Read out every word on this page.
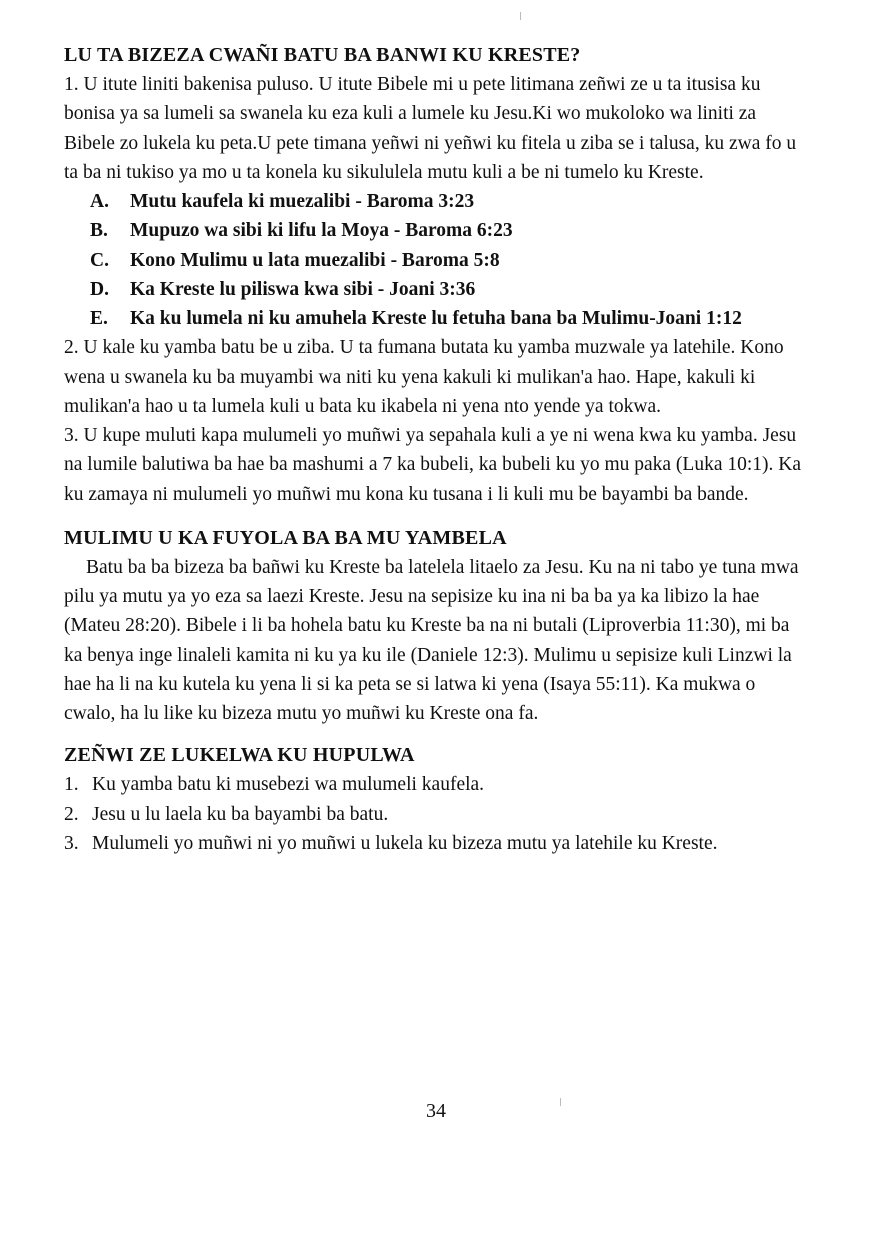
LU TA BIZEZA CWAÑI BATU BA BANWI KU KRESTE?

1. U itute liniti bakenisa puluso. U itute Bibele mi u pete litimana zeñwi ze u ta itusisa ku bonisa ya sa lumeli sa swanela ku eza kuli a lumele ku Jesu.Ki wo mukoloko wa liniti za Bibele zo lukela ku peta.U pete timana yeñwi ni yeñwi ku fitela u ziba se i talusa, ku zwa fo u ta ba ni tukiso ya mo u ta konela ku sikululela mutu kuli a be ni tumelo ku Kreste.

A.	Mutu kaufela ki muezalibi - Baroma 3:23
B.	Mupuzo wa sibi ki lifu la Moya - Baroma 6:23
C.	Kono Mulimu u lata muezalibi - Baroma 5:8
D.	Ka Kreste lu piliswa kwa sibi - Joani 3:36
E.	Ka ku lumela ni ku amuhela Kreste lu fetuha bana ba Mulimu-Joani 1:12

2. U kale ku yamba batu be u ziba. U ta fumana butata ku yamba muzwale ya latehile. Kono wena u swanela ku ba muyambi wa niti ku yena kakuli ki mulikan'a hao. Hape, kakuli ki mulikan'a hao u ta lumela kuli u bata ku ikabela ni yena nto yende ya tokwa.

3. U kupe muluti kapa mulumeli yo muñwi ya sepahala kuli a ye ni wena kwa ku yamba. Jesu na lumile balutiwa ba hae ba mashumi a 7 ka bubeli, ka bubeli ku yo mu paka (Luka 10:1). Ka ku zamaya ni mulumeli yo muñwi mu kona ku tusana i li kuli mu be bayambi ba bande.

MULIMU U KA FUYOLA BA BA MU YAMBELA

Batu ba ba bizeza ba bañwi ku Kreste ba latelela litaelo za Jesu. Ku na ni tabo ye tuna mwa pilu ya mutu ya yo eza sa laezi Kreste. Jesu na sepisize ku ina ni ba ba ya ka libizo la hae (Mateu 28:20). Bibele i li ba hohela batu ku Kreste ba na ni butali (Liproverbia 11:30), mi ba ka benya inge linaleli kamita ni ku ya ku ile (Daniele 12:3). Mulimu u sepisize kuli Linzwi la hae ha li na ku kutela ku yena li si ka peta se si latwa ki yena (Isaya 55:11). Ka mukwa o cwalo, ha lu like ku bizeza mutu yo muñwi ku Kreste ona fa.

ZEÑWI ZE LUKELWA KU HUPULWA
1. Ku yamba batu ki musebezi wa mulumeli kaufela.
2. Jesu u lu laela ku ba bayambi ba batu.
3. Mulumeli yo muñwi ni yo muñwi u lukela ku bizeza mutu ya latehile ku Kreste.
34
